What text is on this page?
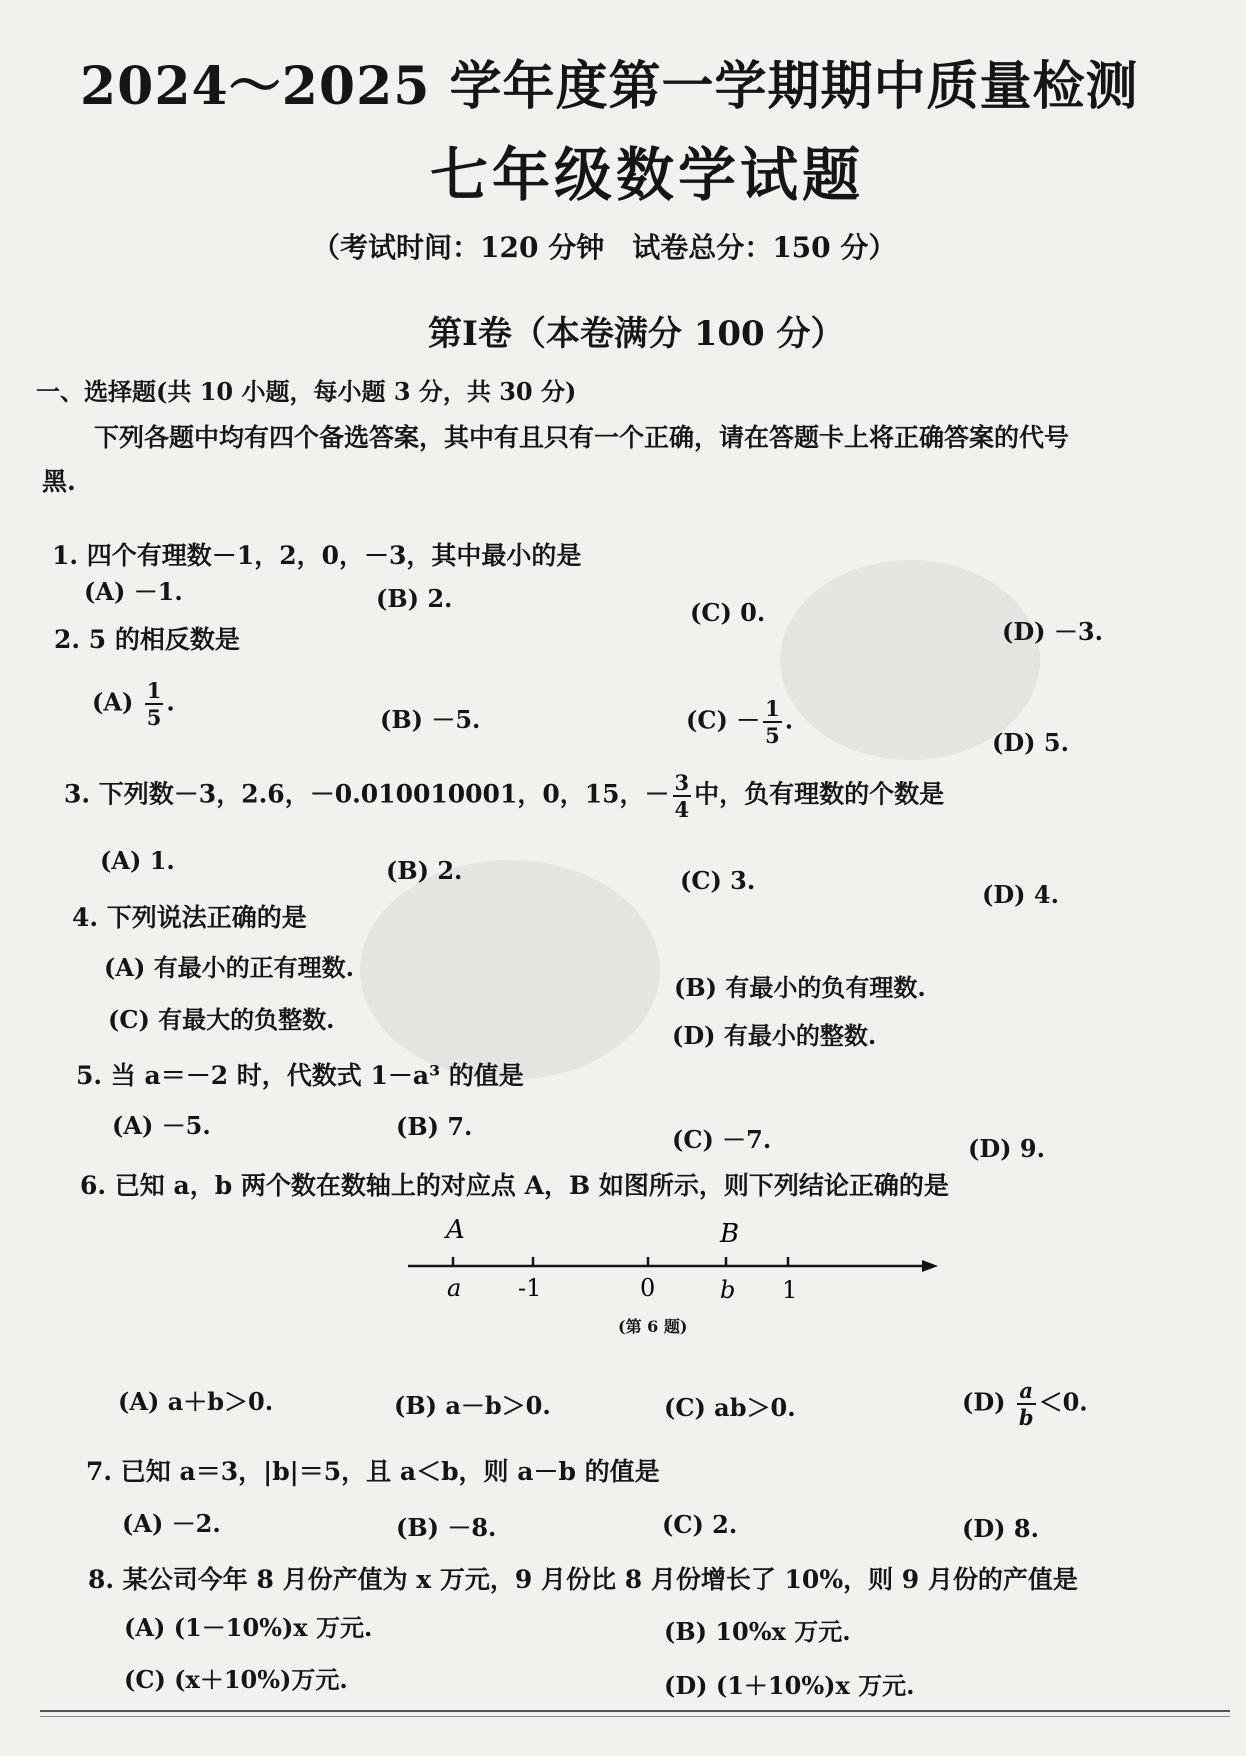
2024～2025 学年度第一学期期中质量检测
七年级数学试题
（考试时间：120 分钟　试卷总分：150 分）
第Ⅰ卷（本卷满分 100 分）
一、选择题(共 10 小题，每小题 3 分，共 30 分)
下列各题中均有四个备选答案，其中有且只有一个正确，请在答题卡上将正确答案的代号
黑.
1. 四个有理数－1，2，0，－3，其中最小的是
(A) －1.	(B) 2.	(C) 0.
(D) －3.
2. 5 的相反数是
$(A) \frac{1}{5}$ .
(B) －5.	$(C) - \frac{1}{5}$ .
(D) 5.
3. 下列数－3，2.6，－0.010010001，0，15，－ $\frac{3}{4}$ 中，负有理数的个数是
(A) 1.	(B) 2.	(C) 3.	(D) 4.
4. 下列说法正确的是
(A) 有最小的正有理数.
(B) 有最小的负有理数.
(C) 有最大的负整数.
(D) 有最小的整数.
5. 当 a＝－2 时，代数式 1－a³ 的值是
(A) －5.	(B) 7.	(C) －7.	(D) 9.
6. 已知 a，b 两个数在数轴上的对应点 A，B 如图所示，则下列结论正确的是
A	B
a -1	0	b 1
(第 6 题)
(A) a＋b＞0.	(B) a－b＞0.	(C) ab＞0.	$(D) \frac{a}{b} <0$.
7. 已知 a＝3，|b|＝5，且 a＜b，则 a－b 的值是
(A) －2.	(B) －8.	(C) 2.	(D) 8.
8. 某公司今年 8 月份产值为 x 万元，9 月份比 8 月份增长了 10%，则 9 月份的产值是
(A) (1－10%)x 万元.	(B) 10%x 万元.
(C) (x＋10%)万元.	(D) (1＋10%)x 万元.
